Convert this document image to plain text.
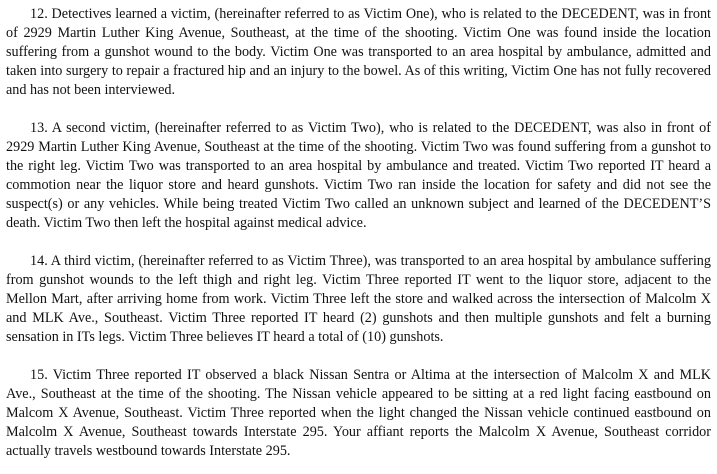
12. Detectives learned a victim, (hereinafter referred to as Victim One), who is related to the DECEDENT, was in front of 2929 Martin Luther King Avenue, Southeast, at the time of the shooting. Victim One was found inside the location suffering from a gunshot wound to the body. Victim One was transported to an area hospital by ambulance, admitted and taken into surgery to repair a fractured hip and an injury to the bowel. As of this writing, Victim One has not fully recovered and has not been interviewed.

13. A second victim, (hereinafter referred to as Victim Two), who is related to the DECEDENT, was also in front of 2929 Martin Luther King Avenue, Southeast at the time of the shooting. Victim Two was found suffering from a gunshot to the right leg. Victim Two was transported to an area hospital by ambulance and treated. Victim Two reported IT heard a commotion near the liquor store and heard gunshots. Victim Two ran inside the location for safety and did not see the suspect(s) or any vehicles. While being treated Victim Two called an unknown subject and learned of the DECEDENT’S death. Victim Two then left the hospital against medical advice.

14. A third victim, (hereinafter referred to as Victim Three), was transported to an area hospital by ambulance suffering from gunshot wounds to the left thigh and right leg. Victim Three reported IT went to the liquor store, adjacent to the Mellon Mart, after arriving home from work. Victim Three left the store and walked across the intersection of Malcolm X and MLK Ave., Southeast. Victim Three reported IT heard (2) gunshots and then multiple gunshots and felt a burning sensation in ITs legs. Victim Three believes IT heard a total of (10) gunshots.

15. Victim Three reported IT observed a black Nissan Sentra or Altima at the intersection of Malcolm X and MLK Ave., Southeast at the time of the shooting. The Nissan vehicle appeared to be sitting at a red light facing eastbound on Malcom X Avenue, Southeast. Victim Three reported when the light changed the Nissan vehicle continued eastbound on Malcolm X Avenue, Southeast towards Interstate 295. Your affiant reports the Malcolm X Avenue, Southeast corridor actually travels westbound towards Interstate 295.
